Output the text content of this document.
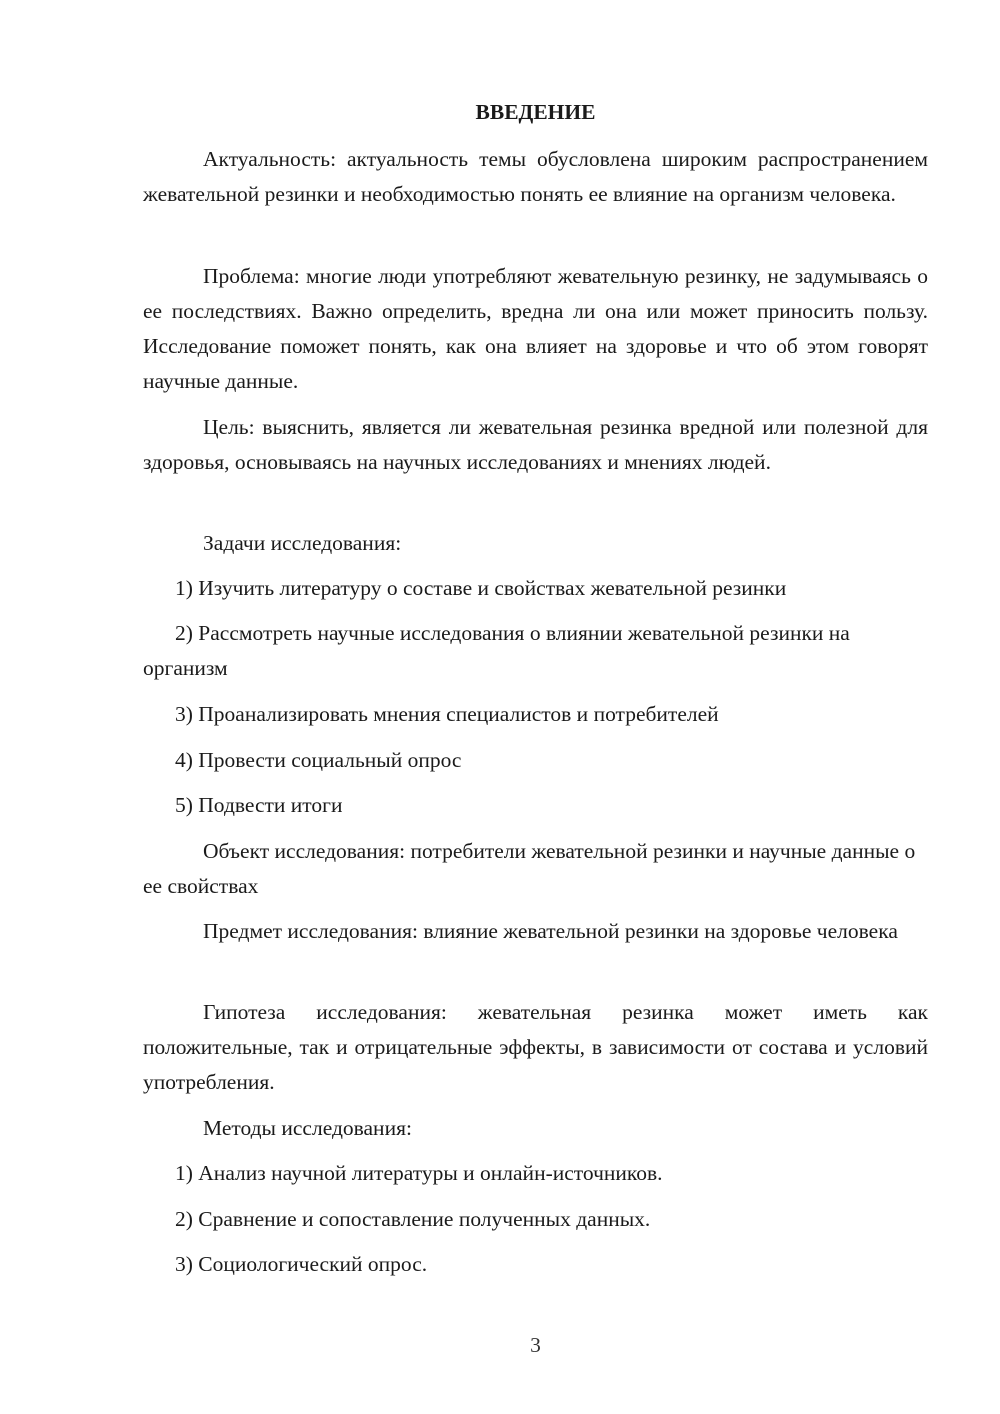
ВВЕДЕНИЕ

Актуальность: актуальность темы обусловлена широким распространением жевательной резинки и необходимостью понять ее влияние на организм человека.

Проблема: многие люди употребляют жевательную резинку, не задумываясь о ее последствиях. Важно определить, вредна ли она или может приносить пользу. Исследование поможет понять, как она влияет на здоровье и что об этом говорят научные данные.

Цель: выяснить, является ли жевательная резинка вредной или полезной для здоровья, основываясь на научных исследованиях и мнениях людей.

Задачи исследования:

1) Изучить литературу о составе и свойствах жевательной резинки

2) Рассмотреть научные исследования о влиянии жевательной резинки на организм

3) Проанализировать мнения специалистов и потребителей

4) Провести социальный опрос

5) Подвести итоги

Объект исследования: потребители жевательной резинки и научные данные о ее свойствах

Предмет исследования: влияние жевательной резинки на здоровье человека

Гипотеза исследования: жевательная резинка может иметь как положительные, так и отрицательные эффекты, в зависимости от состава и условий употребления.

Методы исследования:

1) Анализ научной литературы и онлайн-источников.

2) Сравнение и сопоставление полученных данных.

3) Социологический опрос.

3
